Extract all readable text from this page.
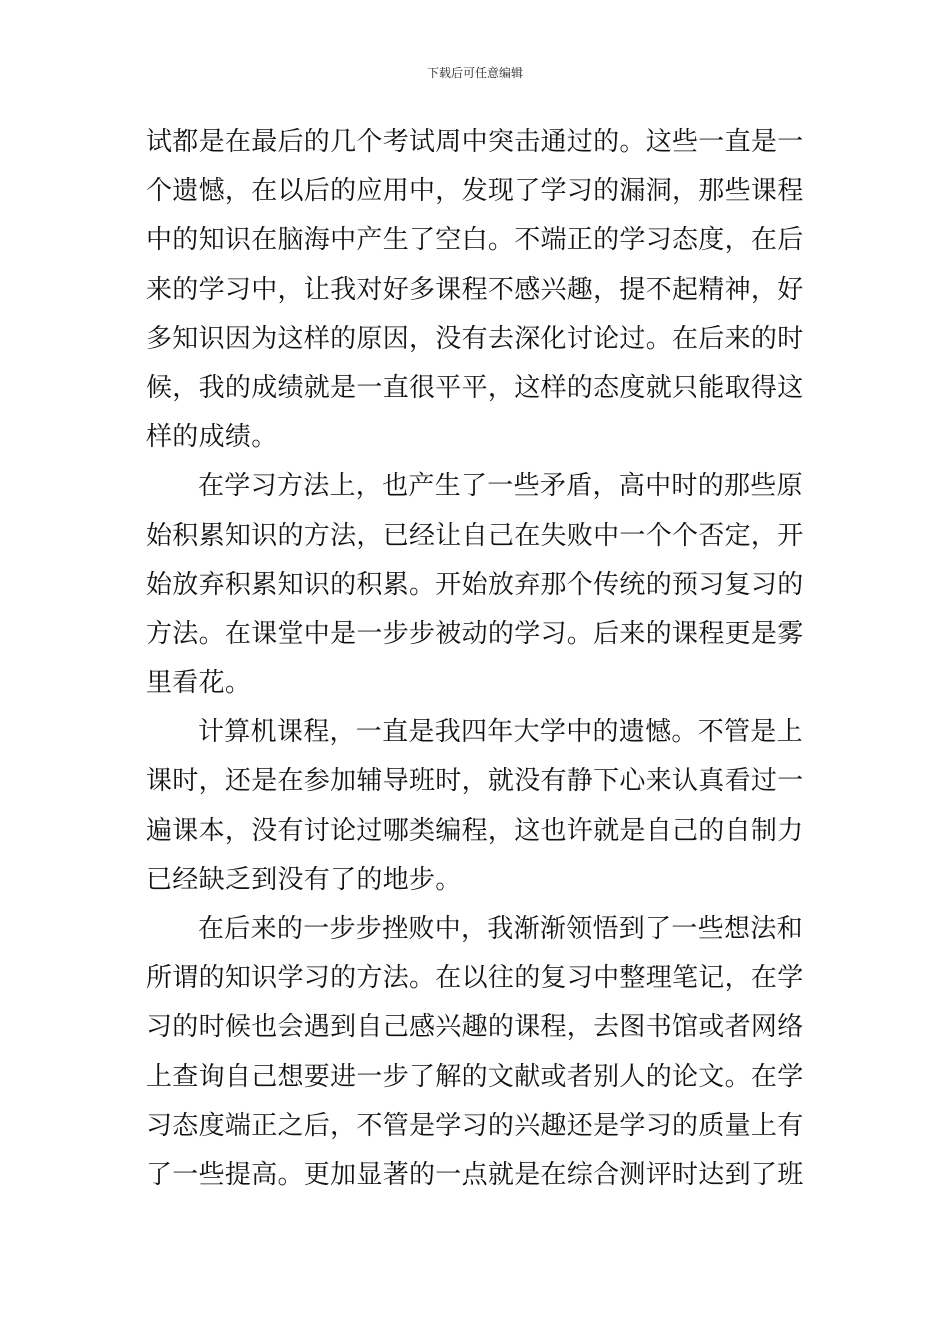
下载后可任意编辑
试都是在最后的几个考试周中突击通过的。这些一直是一
个遗憾，在以后的应用中，发现了学习的漏洞，那些课程
中的知识在脑海中产生了空白。不端正的学习态度，在后
来的学习中，让我对好多课程不感兴趣，提不起精神，好
多知识因为这样的原因，没有去深化讨论过。在后来的时
候，我的成绩就是一直很平平，这样的态度就只能取得这
样的成绩。
在学习方法上，也产生了一些矛盾，高中时的那些原
始积累知识的方法，已经让自己在失败中一个个否定，开
始放弃积累知识的积累。开始放弃那个传统的预习复习的
方法。在课堂中是一步步被动的学习。后来的课程更是雾
里看花。
计算机课程，一直是我四年大学中的遗憾。不管是上
课时，还是在参加辅导班时，就没有静下心来认真看过一
遍课本，没有讨论过哪类编程，这也许就是自己的自制力
已经缺乏到没有了的地步。
在后来的一步步挫败中，我渐渐领悟到了一些想法和
所谓的知识学习的方法。在以往的复习中整理笔记，在学
习的时候也会遇到自己感兴趣的课程，去图书馆或者网络
上查询自己想要进一步了解的文献或者别人的论文。在学
习态度端正之后，不管是学习的兴趣还是学习的质量上有
了一些提高。更加显著的一点就是在综合测评时达到了班
